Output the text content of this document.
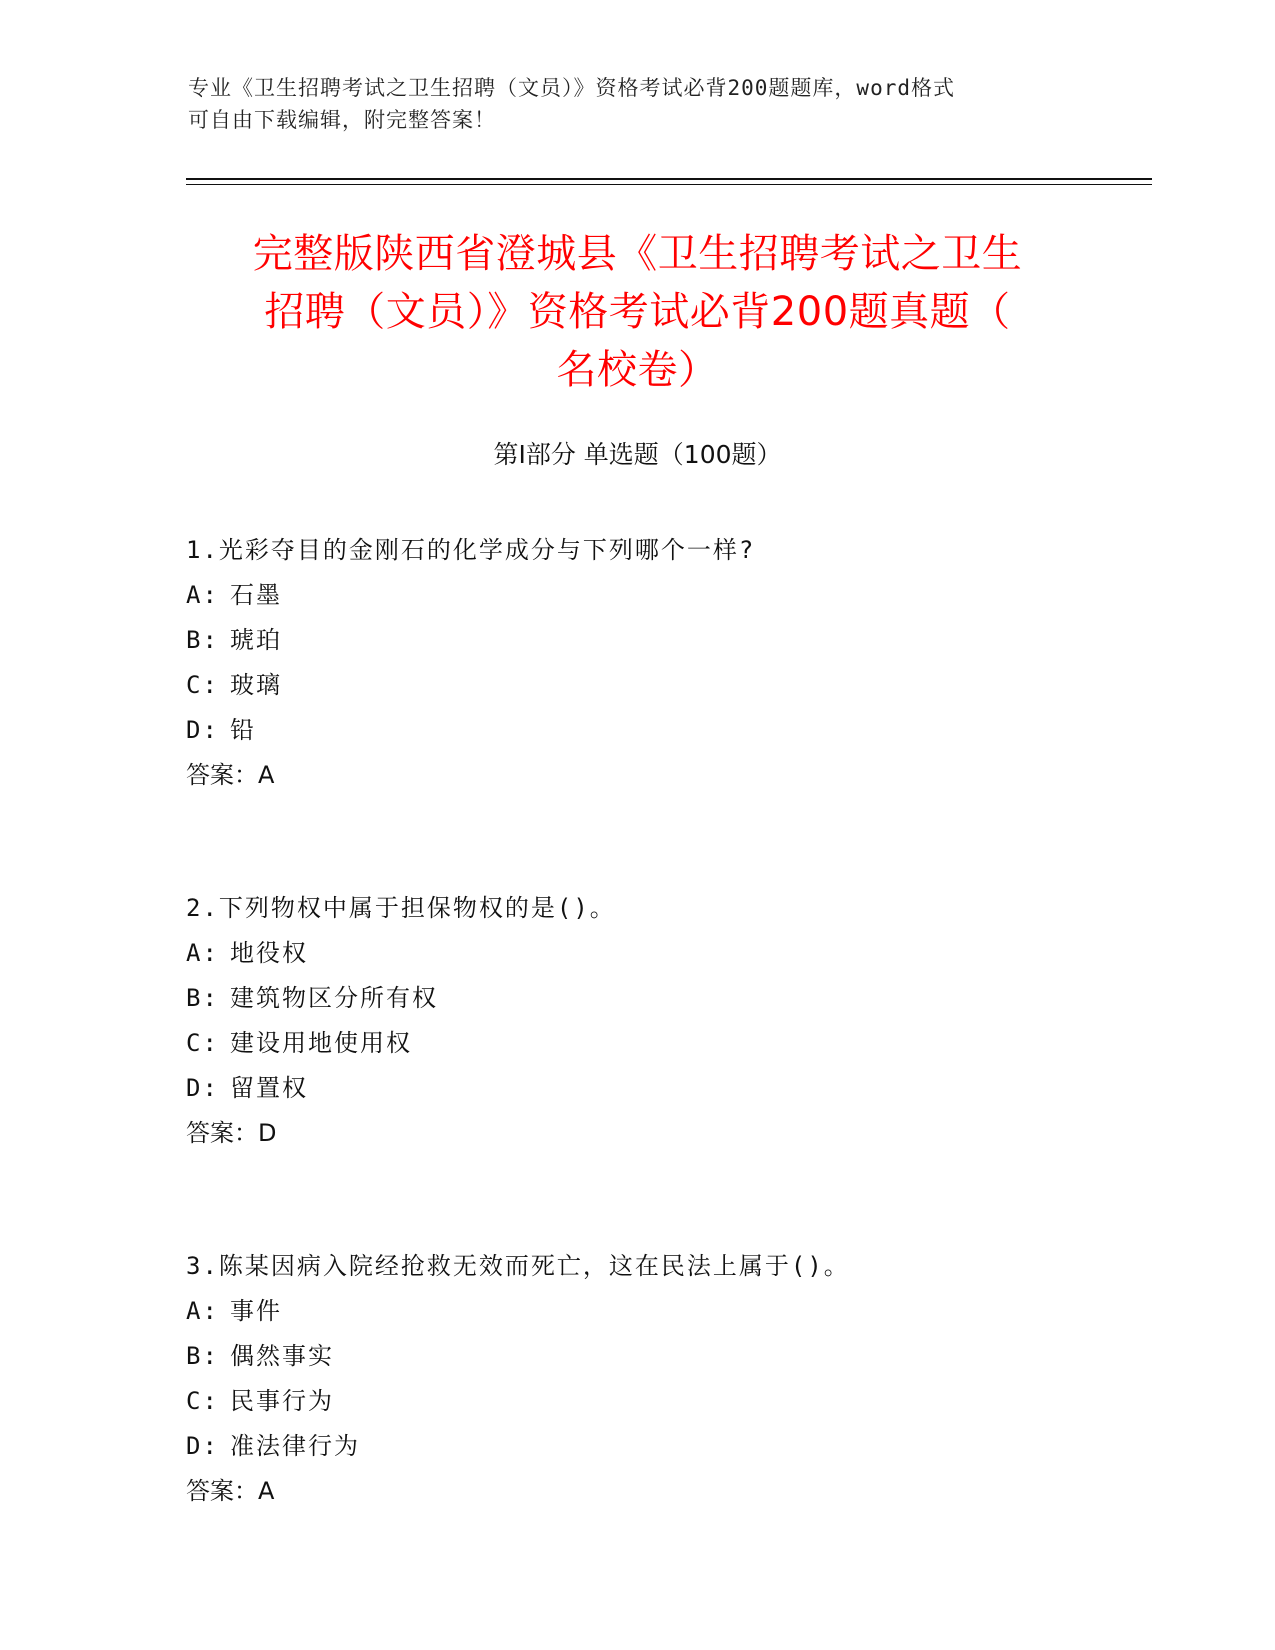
专业《卫生招聘考试之卫生招聘（文员）》资格考试必背200题题库，word格式
可自由下载编辑，附完整答案！
完整版陕西省澄城县《卫生招聘考试之卫生
招聘（文员）》资格考试必背200题真题（
名校卷）
第Ⅰ部分 单选题（100题）
1.光彩夺目的金刚石的化学成分与下列哪个一样?
A: 石墨
B: 琥珀
C: 玻璃
D: 铅
答案：A
2.下列物权中属于担保物权的是()。
A: 地役权
B: 建筑物区分所有权
C: 建设用地使用权
D: 留置权
答案：D
3.陈某因病入院经抢救无效而死亡，这在民法上属于()。
A: 事件
B: 偶然事实
C: 民事行为
D: 准法律行为
答案：A
